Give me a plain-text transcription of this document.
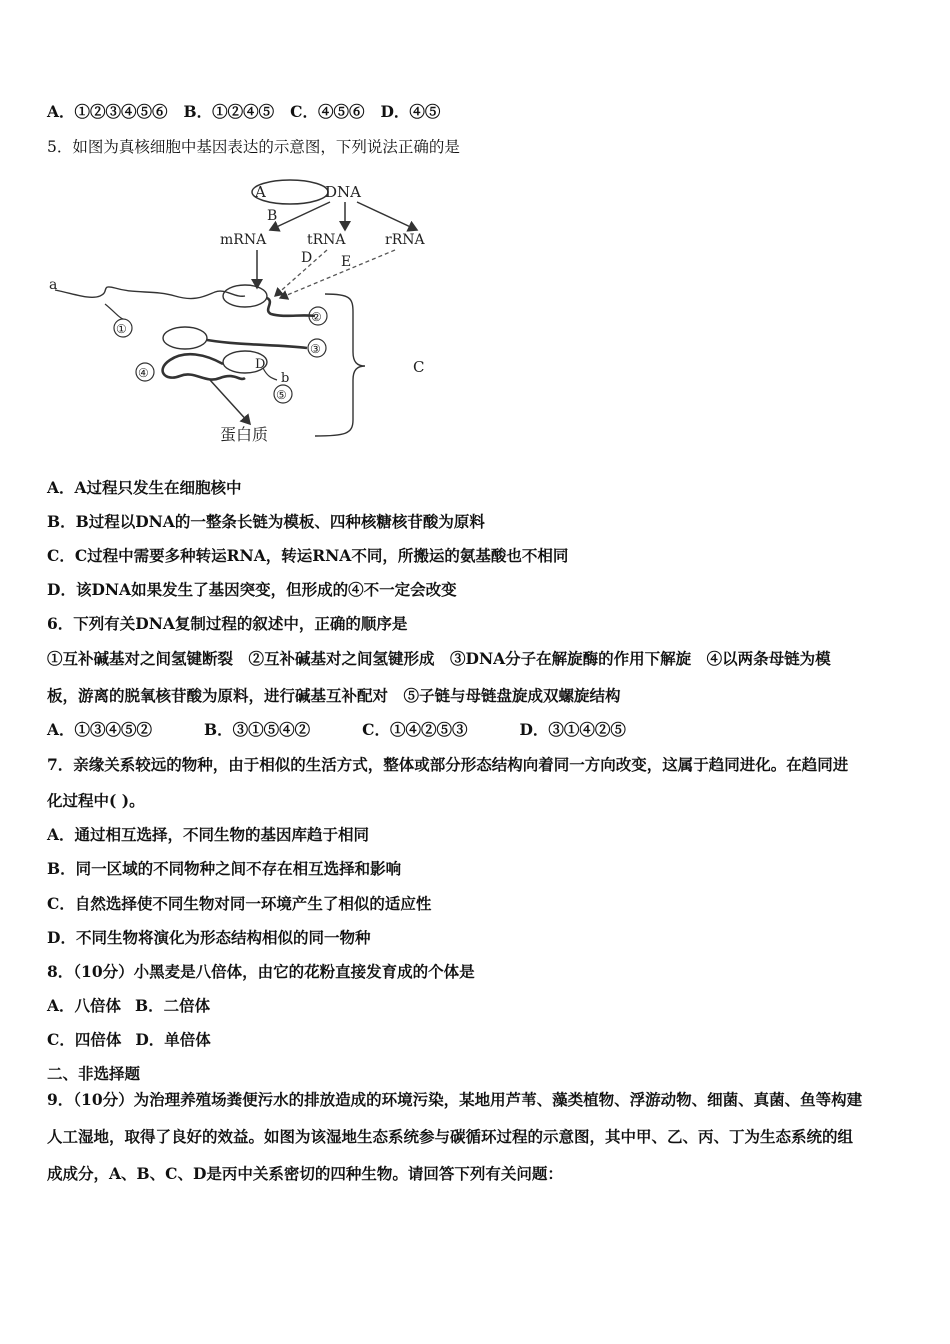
A．①②③④⑤⑥ B．①②④⑤ C．④⑤⑥ D．④⑤
5．如图为真核细胞中基因表达的示意图，下列说法正确的是
A	DNA
B
mRNA	tRNA	rRNA
D E
a
②
①
③
D
④	b
⑤
蛋白质
C
A．A过程只发生在细胞核中
B．B过程以DNA的一整条长链为模板、四种核糖核苷酸为原料
C．C过程中需要多种转运RNA，转运RNA不同，所搬运的氨基酸也不相同
D．该DNA如果发生了基因突变，但形成的④不一定会改变
6．下列有关DNA复制过程的叙述中，正确的顺序是
①互补碱基对之间氢键断裂　②互补碱基对之间氢键形成　③DNA分子在解旋酶的作用下解旋　④以两条母链为模
板，游离的脱氧核苷酸为原料，进行碱基互补配对　⑤子链与母链盘旋成双螺旋结构
A．①③④⑤②	B．③①⑤④②	C．①④②⑤③	D．③①④②⑤
7．亲缘关系较远的物种，由于相似的生活方式，整体或部分形态结构向着同一方向改变，这属于趋同进化。在趋同进
化过程中( )。
A．通过相互选择，不同生物的基因库趋于相同
B．同一区域的不同物种之间不存在相互选择和影响
C．自然选择使不同生物对同一环境产生了相似的适应性
D．不同生物将演化为形态结构相似的同一物种
8．（10分）小黑麦是八倍体，由它的花粉直接发育成的个体是
A．八倍体 B．二倍体
C．四倍体 D．单倍体
二、非选择题
9．（10分）为治理养殖场粪便污水的排放造成的环境污染，某地用芦苇、藻类植物、浮游动物、细菌、真菌、鱼等构建
人工湿地，取得了良好的效益。如图为该湿地生态系统参与碳循环过程的示意图，其中甲、乙、丙、丁为生态系统的组
成成分，A、B、C、D是丙中关系密切的四种生物。请回答下列有关问题：
